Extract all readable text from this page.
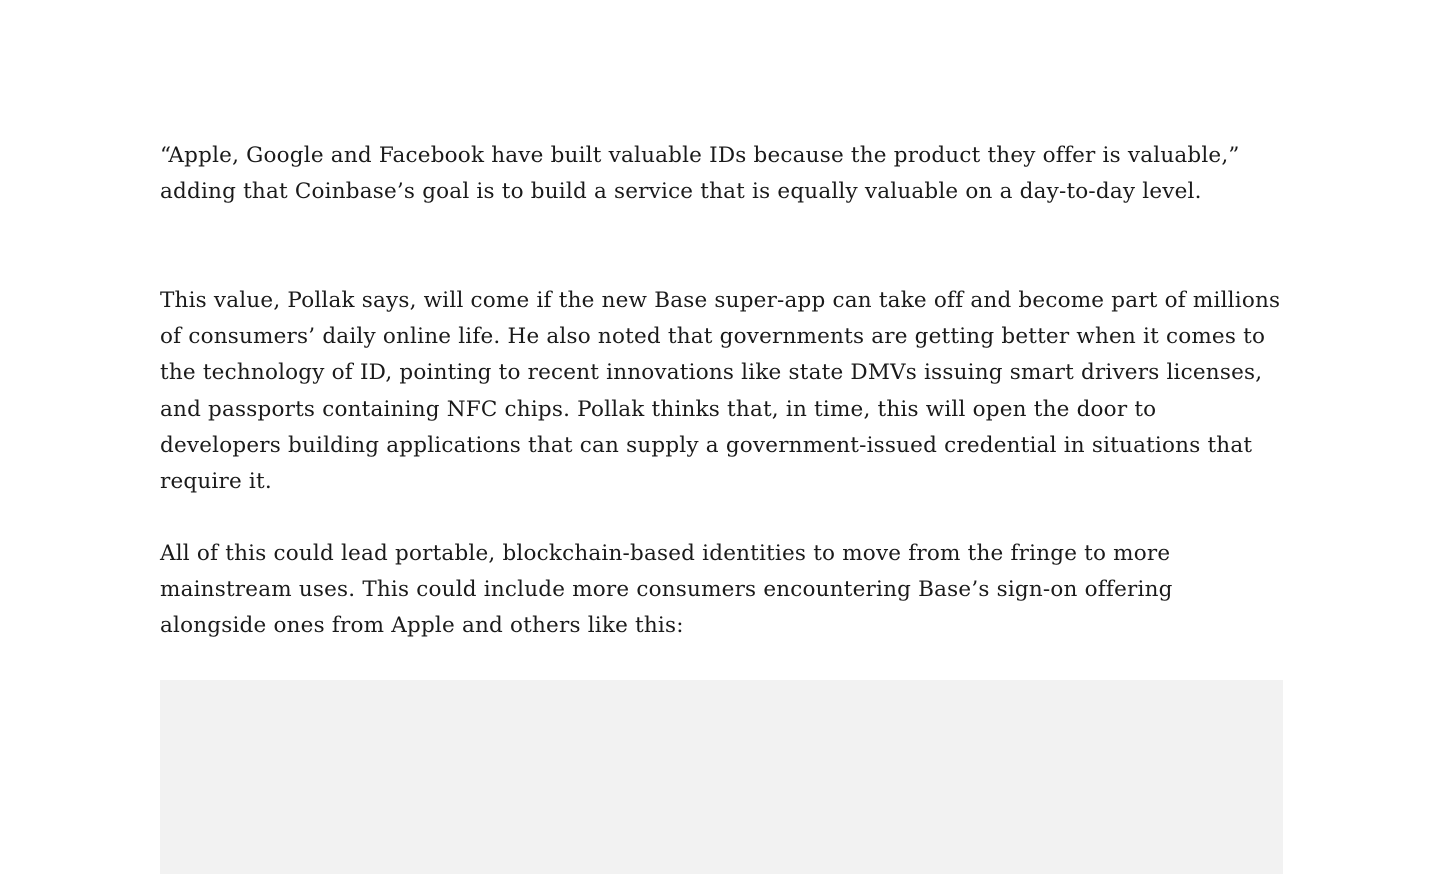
“Apple, Google and Facebook have built valuable IDs because the product they offer is valuable,” adding that Coinbase’s goal is to build a service that is equally valuable on a day-to-day level.

This value, Pollak says, will come if the new Base super-app can take off and become part of millions of consumers’ daily online life. He also noted that governments are getting better when it comes to the technology of ID, pointing to recent innovations like state DMVs issuing smart drivers licenses, and passports containing NFC chips. Pollak thinks that, in time, this will open the door to developers building applications that can supply a government-issued credential in situations that require it.

All of this could lead portable, blockchain-based identities to move from the fringe to more mainstream uses. This could include more consumers encountering Base’s sign-on offering alongside ones from Apple and others like this:
